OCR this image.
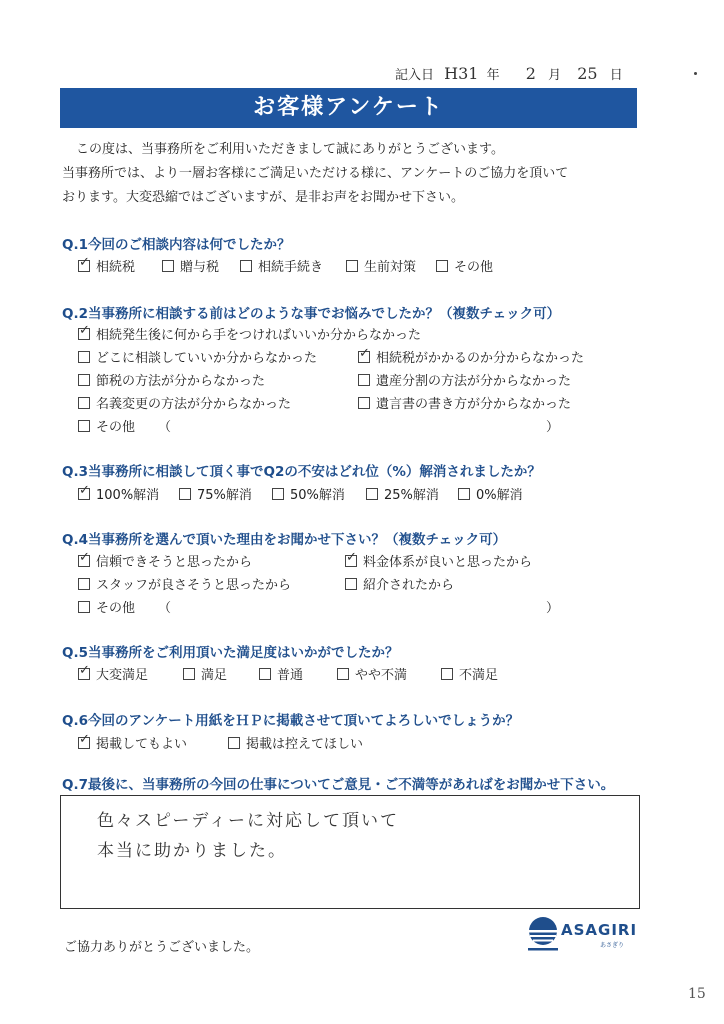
記入日 H31 年 2 月 25 日
お客様アンケート

この度は、当事務所をご利用いただきまして誠にありがとうございます。

当事務所では、より一層お客様にご満足いただける様に、アンケートのご協力を頂いて

おります。大変恐縮ではございますが、是非お声をお聞かせ下さい。

Q.1今回のご相談内容は何でしたか？
✓
相続税	贈与税	相続手続き	生前対策	その他
Q.2当事務所に相談する前はどのような事でお悩みでしたか？（複数チェック可）
✓
相続発生後に何から手をつければいいか分からなかった
どこに相談していいか分からなかった ✓	相続税がかかるのか分からなかった
節税の方法が分からなかった	遺産分割の方法が分からなかった
名義変更の方法が分からなかった	遺言書の書き方が分からなかった
その他 （	）
Q.3当事務所に相談して頂く事でQ2の不安はどれ位（%）解消されましたか？
✓
100%解消	75%解消	50%解消	25%解消	0%解消
Q.4当事務所を選んで頂いた理由をお聞かせ下さい？（複数チェック可）
✓
信頼できそうと思ったから ✓	料金体系が良いと思ったから
スタッフが良さそうと思ったから	紹介されたから
その他 （	）
Q.5当事務所をご利用頂いた満足度はいかがでしたか？
✓
大変満足	満足	普通	やや不満	不満足
Q.6今回のアンケート用紙をＨＰに掲載させて頂いてよろしいでしょうか？
✓
掲載してもよい	掲載は控えてほしい
Q.7最後に、当事務所の今回の仕事についてご意見・ご不満等があればをお聞かせ下さい。
色々スピーディーに対応して頂いて
本当に助かりました。
ご協力ありがとうございました。
ASAGIRI
あさぎり
15
